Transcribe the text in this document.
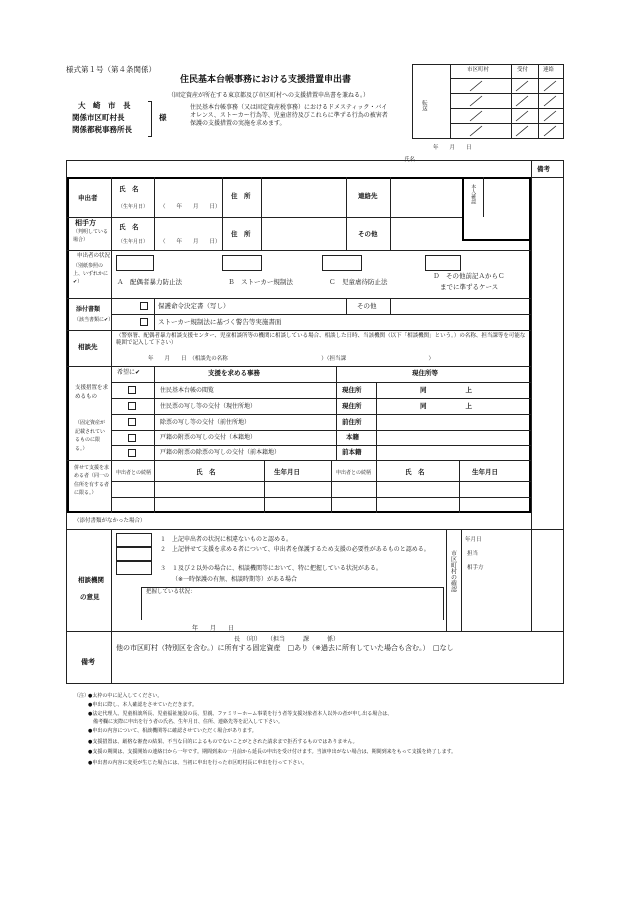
様式第１号（第４条関係）
住民基本台帳事務における支援措置申出書
（固定資産が所在する東京都及び市区町村への支援措置申出書を兼ねる。）
大　崎　市　長
関係市区町村長
関係都税事務所長
様
住民基本台帳事務（又は固定資産税事務）におけるドメスティック・バイオレンス、ストーカー行為等、児童虐待及びこれらに準ずる行為の被害者保護の支援措置の実施を求めます。
年　　月　　日
氏名
市区町村	受付	連絡
転送
備考
本人確認
申出者
氏　名
（生年月日） （　　年　　月　　日）
住　所	連絡先
相手方
（判明している場合）
氏　名
（生年月日） （　　年　　月　　日）
住　所	その他
申出者の状況
（別紙参照の上、いずれかに✔）	Ａ　配偶者暴力防止法	Ｂ　ストーカー規制法	Ｃ　児童虐待防止法
Ｄ　その他前記ＡからＣ
までに準ずるケース
添付書類
（該当書類に✔）
保護命令決定書（写し）
ストーカー規制法に基づく警告等実施書面
その他
相談先
（警察署、配偶者暴力相談支援センター、児童相談所等の機関に相談している場合、相談した日時、当該機関（以下「相談機関」という。）の名称、担当課等を可能な範囲で記入して下さい）
年　　月　　日　（相談先の名称　　　　　　　　　　　　　　　　　）（担当課　　　　　　　　　　　　　　　）
支援措置を求めるもの
（固定資産が記載されているものに限る。）
希望に✔	支援を求める事務	現住所等
住民基本台帳の閲覧	現住所	同　　　　　　上
住民票の写し等の交付（現住所地）	現住所	同　　　　　　上
除票の写し等の交付（前住所地）	前住所
戸籍の附票の写しの交付（本籍地）	本籍
戸籍の附票の除票の写しの交付（前本籍地）	前本籍
併せて支援を求める者（同一の住所を有する者に限る。）
申出者との続柄	氏　名	生年月日	申出者との続柄	氏　名	生年月日
（添付書類がなかった場合）
相談機関
の意見
１　上記申出者の状況に相違ないものと認める。
２　上記併せて支援を求める者について、申出者を保護するため支援の必要性があるものと認める。
３　１及び２以外の場合に、相談機関等において、特に把握している状況がある。
（※一時保護の有無、相談時期等）がある場合
把握している状況：
年　　月　　日
長　（印）　　（担当　　　課　　　係）
市区町村の確認
年月日
担当
相手方
備考
他の市区町村（特別区を含む。）に所有する固定資産　□あり（※過去に所有していた場合も含む。）　□なし
（注）
●太枠の中に記入してください。
●申出に際し、本人確認をさせていただきます。
●法定代理人、児童相談所長、児童福祉施設の長、里親、ファミリーホーム事業を行う者等支援対象者本人以外の者が申し出る場合は、
　備考欄に実際に申出を行う者の氏名、生年月日、住所、連絡先等を記入して下さい。
●申出の内容について、相談機関等に確認させていただく場合があります。
●支援措置は、厳格な審査の結果、不当な目的によるものでないことがとされた請求まで拒否するものではありません。
●支援の期間は、支援開始の連絡日から一年です。期間到来の一月前から延長の申出を受け付けます。当該申出がない場合は、期間到来をもって支援を終了します。
●申出書の内容に変更が生じた場合には、当初に申出を行った市区町村長に申出を行って下さい。
